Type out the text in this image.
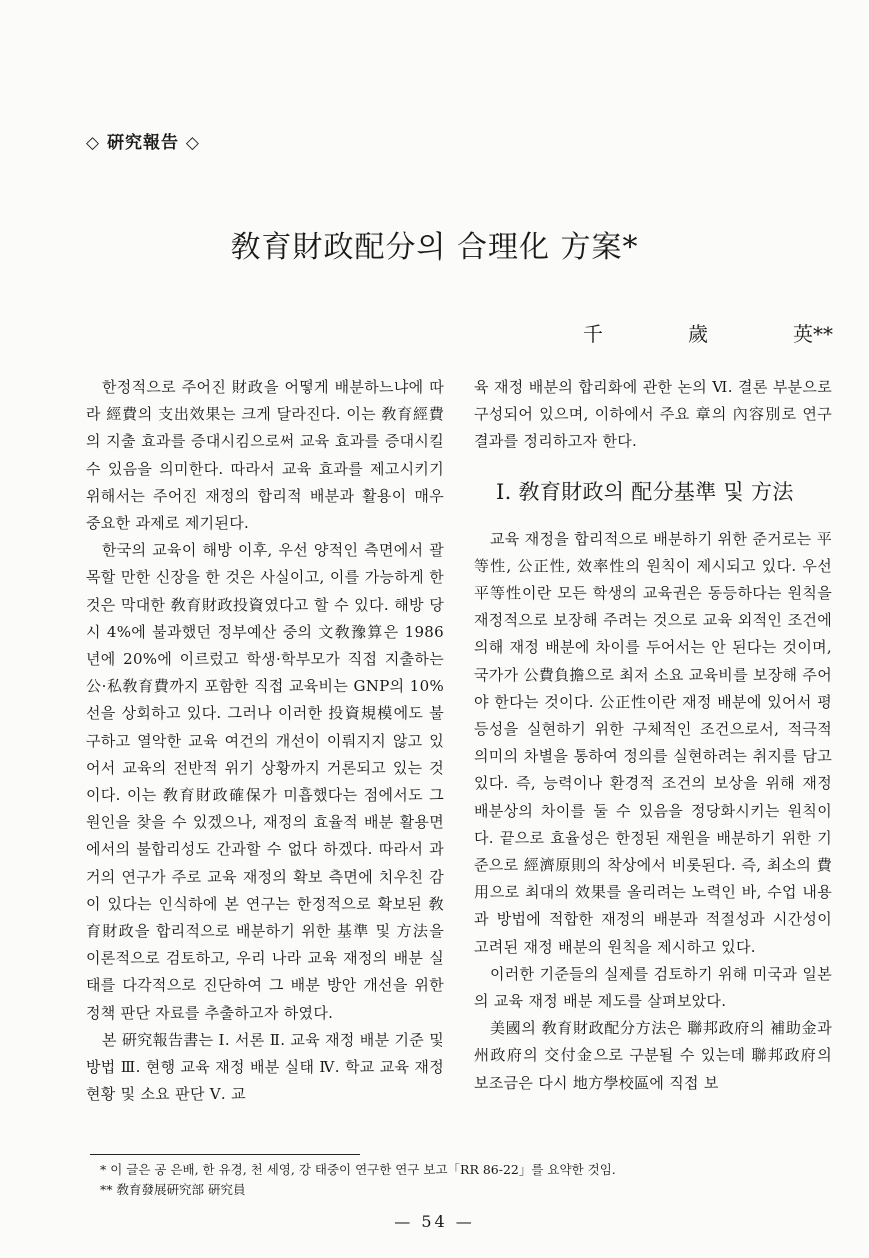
◇ 硏究報告 ◇
敎育財政配分의 合理化 方案*
千	歲	英**

한정적으로 주어진 財政을 어떻게 배분하느냐에 따라 經費의 支出效果는 크게 달라진다. 이는 敎育經費의 지출 효과를 증대시킴으로써 교육 효과를 증대시킬 수 있음을 의미한다. 따라서 교육 효과를 제고시키기 위해서는 주어진 재정의 합리적 배분과 활용이 매우 중요한 과제로 제기된다.

한국의 교육이 해방 이후, 우선 양적인 측면에서 괄목할 만한 신장을 한 것은 사실이고, 이를 가능하게 한 것은 막대한 敎育財政投資였다고 할 수 있다. 해방 당시 4%에 불과했던 정부예산 중의 文敎豫算은 1986년에 20%에 이르렀고 학생·학부모가 직접 지출하는 公·私敎育費까지 포함한 직접 교육비는 GNP의 10%선을 상회하고 있다. 그러나 이러한 投資規模에도 불구하고 열악한 교육 여건의 개선이 이뤄지지 않고 있어서 교육의 전반적 위기 상황까지 거론되고 있는 것이다. 이는 敎育財政確保가 미흡했다는 점에서도 그 원인을 찾을 수 있겠으나, 재정의 효율적 배분 활용면에서의 불합리성도 간과할 수 없다 하겠다. 따라서 과거의 연구가 주로 교육 재정의 확보 측면에 치우친 감이 있다는 인식하에 본 연구는 한정적으로 확보된 敎育財政을 합리적으로 배분하기 위한 基準 및 方法을 이론적으로 검토하고, 우리 나라 교육 재정의 배분 실태를 다각적으로 진단하여 그 배분 방안 개선을 위한 정책 판단 자료를 추출하고자 하였다.

본 硏究報告書는 Ⅰ. 서론 Ⅱ. 교육 재정 배분 기준 및 방법 Ⅲ. 현행 교육 재정 배분 실태 Ⅳ. 학교 교육 재정 현황 및 소요 판단 Ⅴ. 교

육 재정 배분의 합리화에 관한 논의 Ⅵ. 결론 부분으로 구성되어 있으며, 이하에서 주요 章의 內容別로 연구 결과를 정리하고자 한다.

Ⅰ. 敎育財政의 配分基準 및 方法

교육 재정을 합리적으로 배분하기 위한 준거로는 平等性, 公正性, 效率性의 원칙이 제시되고 있다. 우선 平等性이란 모든 학생의 교육권은 동등하다는 원칙을 재정적으로 보장해 주려는 것으로 교육 외적인 조건에 의해 재정 배분에 차이를 두어서는 안 된다는 것이며, 국가가 公費負擔으로 최저 소요 교육비를 보장해 주어야 한다는 것이다. 公正性이란 재정 배분에 있어서 평등성을 실현하기 위한 구체적인 조건으로서, 적극적 의미의 차별을 통하여 정의를 실현하려는 취지를 담고 있다. 즉, 능력이나 환경적 조건의 보상을 위해 재정 배분상의 차이를 둘 수 있음을 정당화시키는 원칙이다. 끝으로 효율성은 한정된 재원을 배분하기 위한 기준으로 經濟原則의 착상에서 비롯된다. 즉, 최소의 費用으로 최대의 效果를 올리려는 노력인 바, 수업 내용과 방법에 적합한 재정의 배분과 적절성과 시간성이 고려된 재정 배분의 원칙을 제시하고 있다.

이러한 기준들의 실제를 검토하기 위해 미국과 일본의 교육 재정 배분 제도를 살펴보았다.

美國의 敎育財政配分方法은 聯邦政府의 補助金과 州政府의 交付金으로 구분될 수 있는데 聯邦政府의 보조금은 다시 地方學校區에 직접 보

* 이 글은 공 은배, 한 유경, 천 세영, 강 태중이 연구한 연구 보고「RR 86-22」를 요약한 것임.
** 敎育發展硏究部 硏究員
— 54 —
